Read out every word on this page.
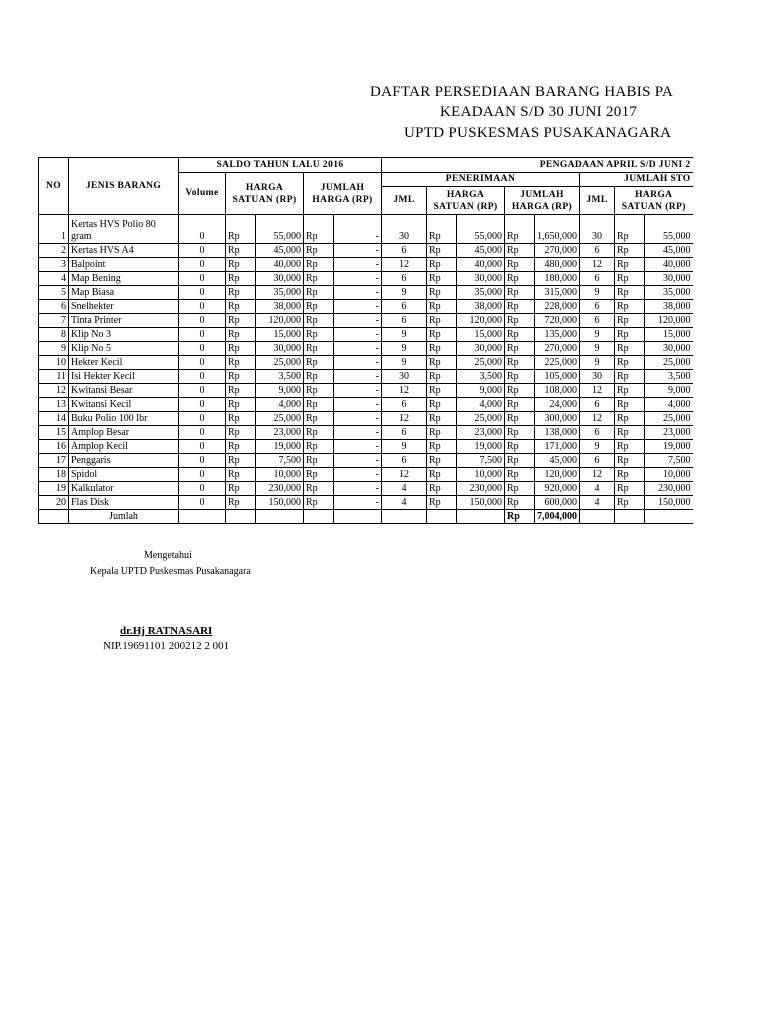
DAFTAR PERSEDIAAN BARANG HABIS PA
KEADAAN S/D 30 JUNI 2017
UPTD PUSKESMAS PUSAKANAGARA
NO	JENIS BARANG	SALDO TAHUN LALU 2016					PENGADAAN APRIL S/D JUNI 2							
		Volume	HARGA SATUAN (RP)		JUMLAH HARGA (RP)		PENERIMAAN					JUMLAH STO		
							JML	HARGA SATUAN (RP)		JUMLAH HARGA (RP)		JML	HARGA SATUAN (RP)	
1	Kertas HVS Polio 80 gram	0	Rp	55,000	Rp	-	30	Rp	55,000	Rp	1,650,000	30	Rp	55,000
2	Kertas HVS A4	0	Rp	45,000	Rp	-	6	Rp	45,000	Rp	270,000	6	Rp	45,000
3	Balpoint	0	Rp	40,000	Rp	-	12	Rp	40,000	Rp	480,000	12	Rp	40,000
4	Map Bening	0	Rp	30,000	Rp	-	6	Rp	30,000	Rp	180,000	6	Rp	30,000
5	Map Biasa	0	Rp	35,000	Rp	-	9	Rp	35,000	Rp	315,000	9	Rp	35,000
6	Snelhekter	0	Rp	38,000	Rp	-	6	Rp	38,000	Rp	228,000	6	Rp	38,000
7	Tinta Printer	0	Rp	120,000	Rp	-	6	Rp	120,000	Rp	720,000	6	Rp	120,000
8	Klip No 3	0	Rp	15,000	Rp	-	9	Rp	15,000	Rp	135,000	9	Rp	15,000
9	Klip No 5	0	Rp	30,000	Rp	-	9	Rp	30,000	Rp	270,000	9	Rp	30,000
10	Hekter Kecil	0	Rp	25,000	Rp	-	9	Rp	25,000	Rp	225,000	9	Rp	25,000
11	Isi Hekter Kecil	0	Rp	3,500	Rp	-	30	Rp	3,500	Rp	105,000	30	Rp	3,500
12	Kwitansi Besar	0	Rp	9,000	Rp	-	12	Rp	9,000	Rp	108,000	12	Rp	9,000
13	Kwitansi Kecil	0	Rp	4,000	Rp	-	6	Rp	4,000	Rp	24,000	6	Rp	4,000
14	Buku Polio 100 lbr	0	Rp	25,000	Rp	-	12	Rp	25,000	Rp	300,000	12	Rp	25,000
15	Amplop Besar	0	Rp	23,000	Rp	-	6	Rp	23,000	Rp	138,000	6	Rp	23,000
16	Amplop Kecil	0	Rp	19,000	Rp	-	9	Rp	19,000	Rp	171,000	9	Rp	19,000
17	Penggaris	0	Rp	7,500	Rp	-	6	Rp	7,500	Rp	45,000	6	Rp	7,500
18	Spidol	0	Rp	10,000	Rp	-	12	Rp	10,000	Rp	120,000	12	Rp	10,000
19	Kalkulator	0	Rp	230,000	Rp	-	4	Rp	230,000	Rp	920,000	4	Rp	230,000
20	Flas Disk	0	Rp	150,000	Rp	-	4	Rp	150,000	Rp	600,000	4	Rp	150,000
	Jumlah									Rp	7,004,000			
Mengetahui
Kepala UPTD Puskesmas Pusakanagara
dr.Hj RATNASARI
NIP.19691101 200212 2 001
